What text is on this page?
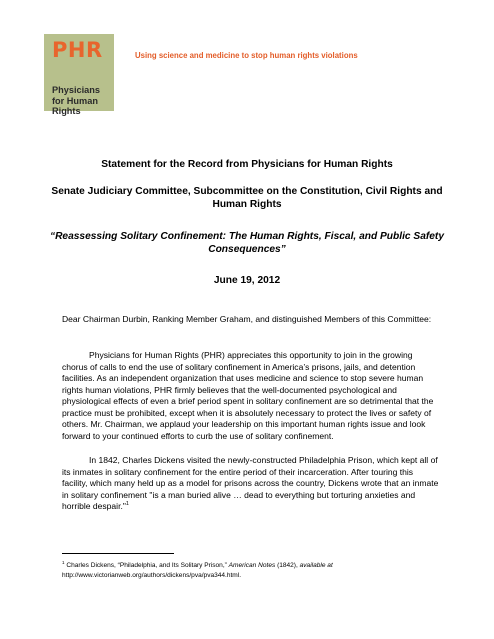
PHR
Physicians for Human Rights
Using science and medicine to stop human rights violations
Statement for the Record from Physicians for Human Rights
Senate Judiciary Committee, Subcommittee on the Constitution, Civil Rights and Human Rights
“Reassessing Solitary Confinement: The Human Rights, Fiscal, and Public Safety Consequences”
June 19, 2012
Dear Chairman Durbin, Ranking Member Graham, and distinguished Members of this Committee:
Physicians for Human Rights (PHR) appreciates this opportunity to join in the growing chorus of calls to end the use of solitary confinement in America’s prisons, jails, and detention facilities. As an independent organization that uses medicine and science to stop severe human rights human violations, PHR firmly believes that the well-documented psychological and physiological effects of even a brief period spent in solitary confinement are so detrimental that the practice must be prohibited, except when it is absolutely necessary to protect the lives or safety of others. Mr. Chairman, we applaud your leadership on this important human rights issue and look forward to your continued efforts to curb the use of solitary confinement.
In 1842, Charles Dickens visited the newly-constructed Philadelphia Prison, which kept all of its inmates in solitary confinement for the entire period of their incarceration. After touring this facility, which many held up as a model for prisons across the country, Dickens wrote that an inmate in solitary confinement "is a man buried alive … dead to everything but torturing anxieties and horrible despair."$^1$
$^1$ Charles Dickens, “Philadelphia, and Its Solitary Prison,” American Notes (1842), available at
http://www.victorianweb.org/authors/dickens/pva/pva344.html.
